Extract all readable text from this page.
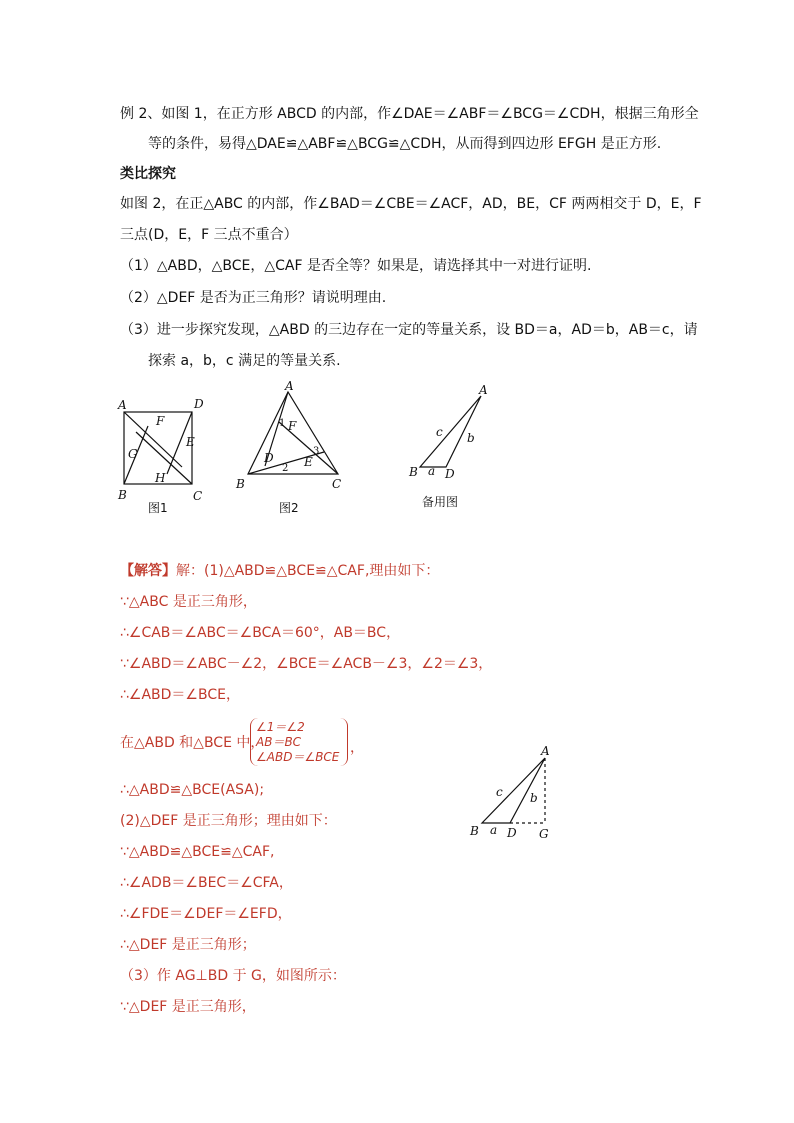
例 2、如图 1，在正方形 ABCD 的内部，作∠DAE＝∠ABF＝∠BCG＝∠CDH，根据三角形全
等的条件，易得△DAE≌△ABF≌△BCG≌△CDH，从而得到四边形 EFGH 是正方形.
类比探究
如图 2，在正△ABC 的内部，作∠BAD＝∠CBE＝∠ACF，AD，BE，CF 两两相交于 D，E，F
三点(D，E，F 三点不重合）
（1）△ABD，△BCE，△CAF 是否全等？如果是，请选择其中一对进行证明.
（2）△DEF 是否为正三角形？请说明理由.
（3）进一步探究发现，△ABD 的三边存在一定的等量关系，设 BD＝a，AD＝b，AB＝c，请
探索 a，b，c 满足的等量关系.
A	D
B	C
F
E
G
H
图1
A
B	C
D	E
F
1
2
3
图2
A
B D
a
b
c
备用图
A
B D G
a
b
c
【解答】解：(1)△ABD≌△BCE≌△CAF,理由如下：
∵△ABC 是正三角形，
∴∠CAB＝∠ABC＝∠BCA＝60°，AB＝BC，
∵∠ABD＝∠ABC－∠2，∠BCE＝∠ACB－∠3，∠2＝∠3，
∴∠ABD＝∠BCE，
在△ABD 和△BCE 中，
∠1＝∠2
AB＝BC
∠ABD＝∠BCE
，
∴△ABD≌△BCE(ASA);
(2)△DEF 是正三角形；理由如下：
∵△ABD≌△BCE≌△CAF,
∴∠ADB＝∠BEC＝∠CFA，
∴∠FDE＝∠DEF＝∠EFD，
∴△DEF 是正三角形；
（3）作 AG⊥BD 于 G，如图所示：
∵△DEF 是正三角形，
